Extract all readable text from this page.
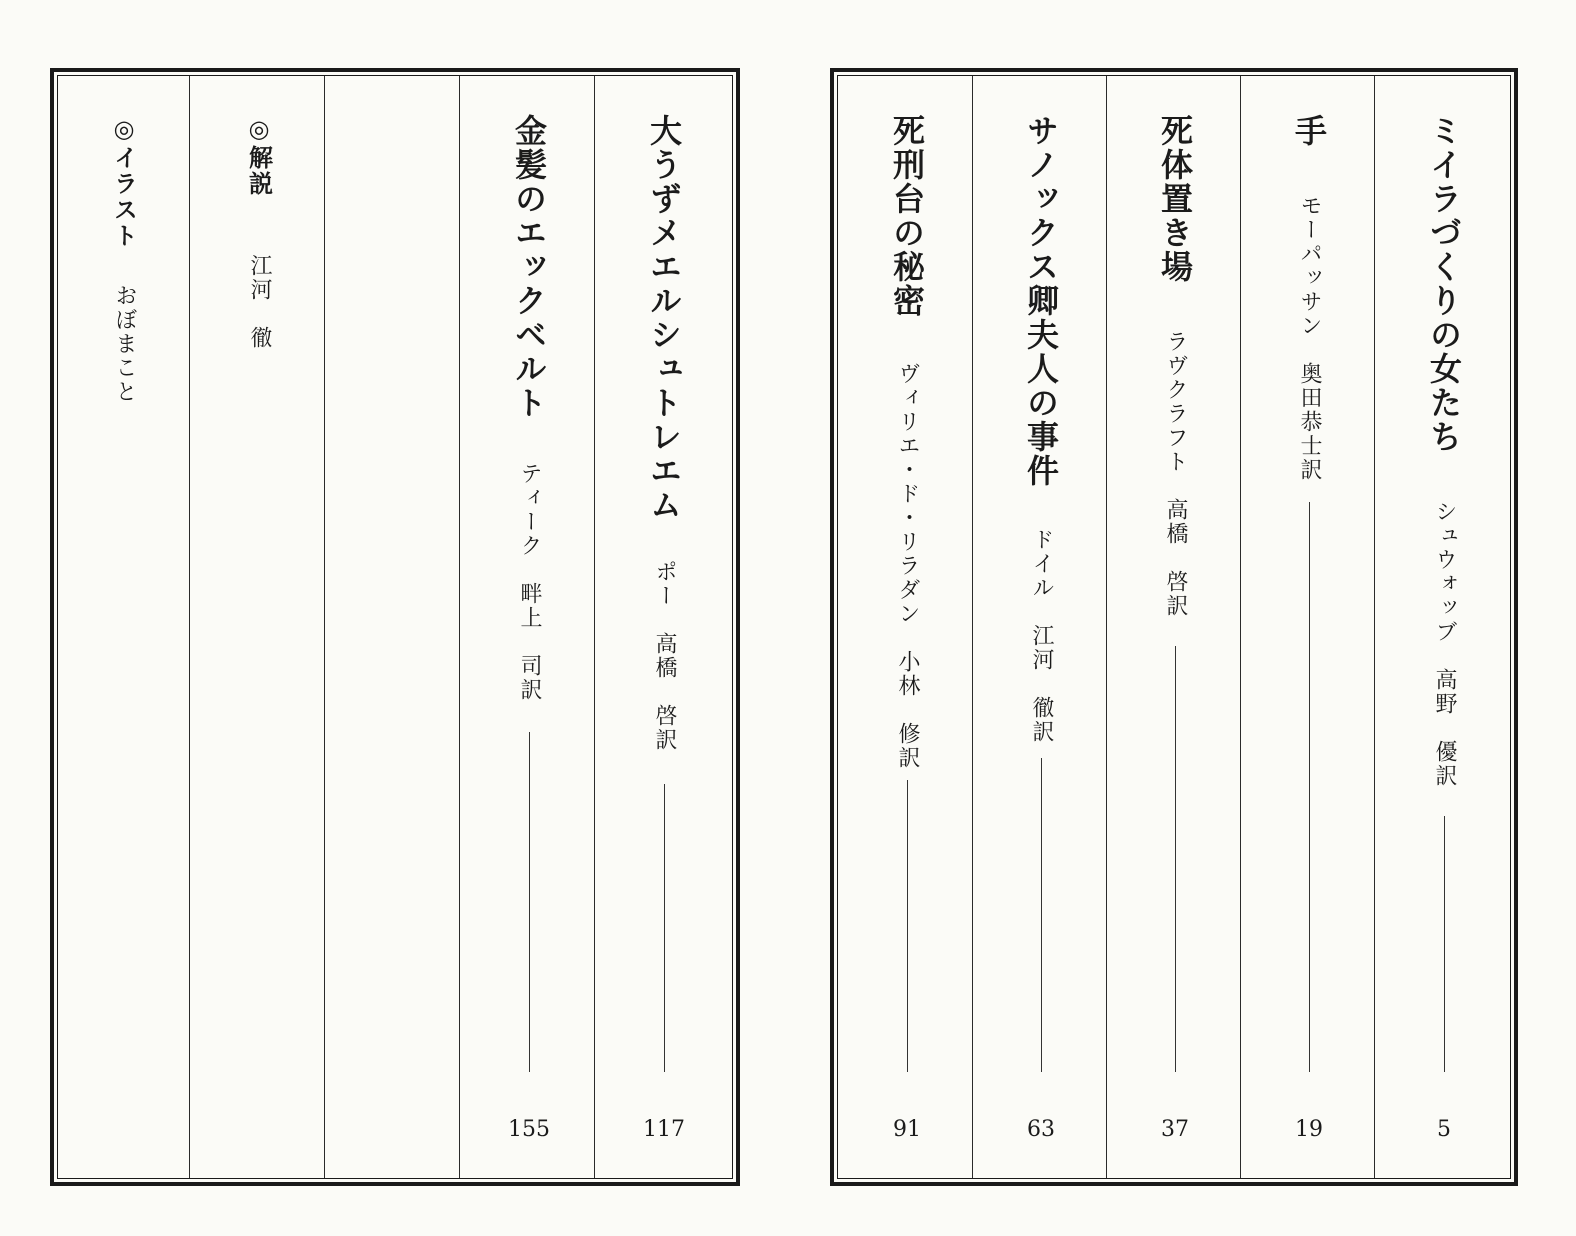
大うずメエルシュトレエム
ポー　高橋　啓訳
117
金髪のエックベルト
ティーク　畔上　司訳
155
◎解説
江河　徹
◎イラスト
おぼまこと	ミイラづくりの女たち
シュウォッブ　高野　優訳
5
手
モーパッサン　奥田恭士訳
19
死体置き場
ラヴクラフト　高橋　啓訳
37
サノックス卿夫人の事件
ドイル　江河　徹訳
63
死刑台の秘密
ヴィリエ・ド・リラダン　小林　修訳
91
